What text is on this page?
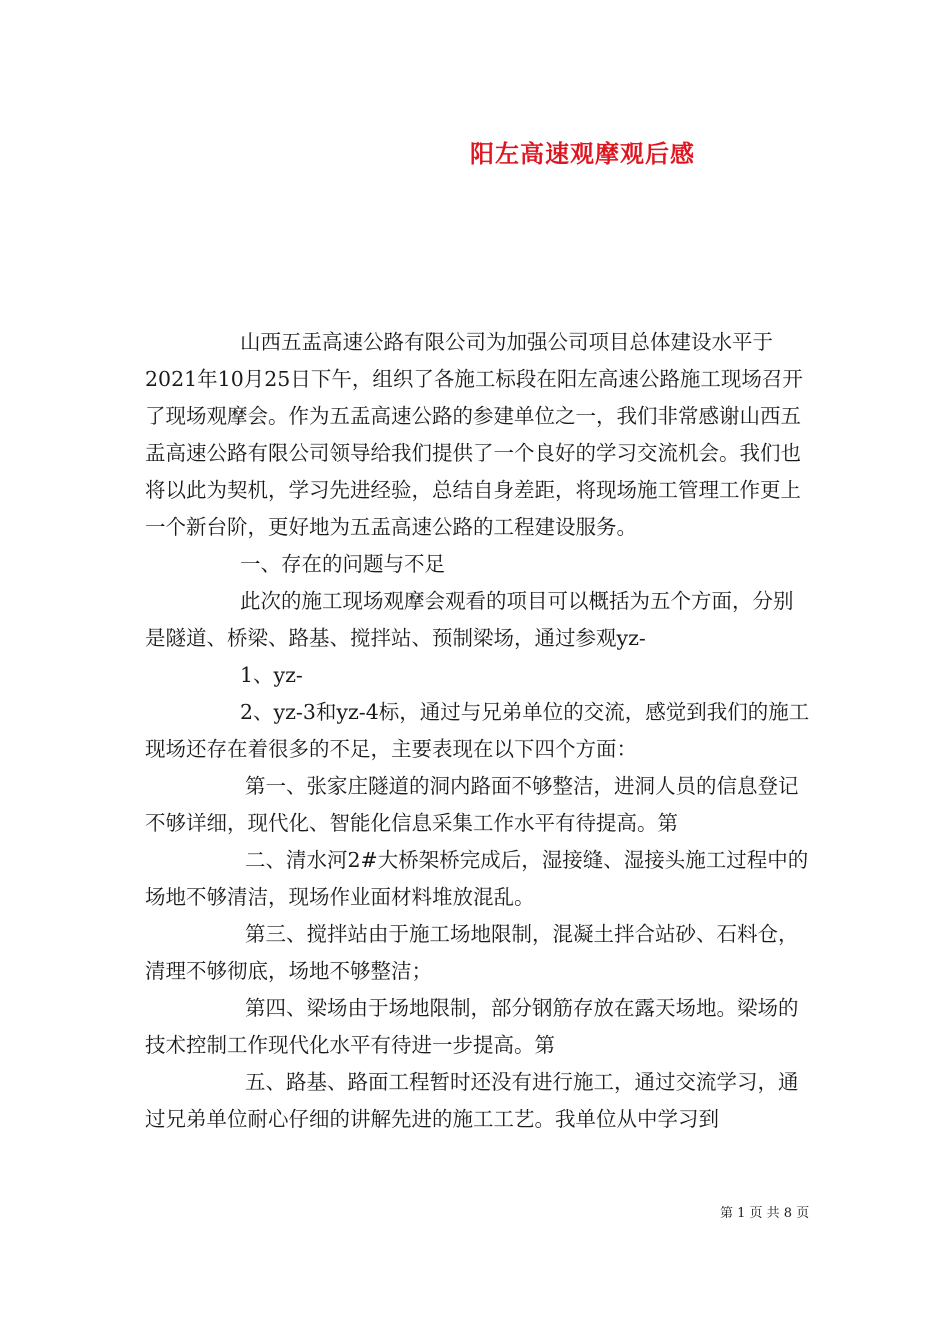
阳左高速观摩观后感

山西五盂高速公路有限公司为加强公司项目总体建设水平于2021年10月25日下午，组织了各施工标段在阳左高速公路施工现场召开了现场观摩会。作为五盂高速公路的参建单位之一，我们非常感谢山西五盂高速公路有限公司领导给我们提供了一个良好的学习交流机会。我们也将以此为契机，学习先进经验，总结自身差距，将现场施工管理工作更上一个新台阶，更好地为五盂高速公路的工程建设服务。

一、存在的问题与不足

此次的施工现场观摩会观看的项目可以概括为五个方面，分别是隧道、桥梁、路基、搅拌站、预制梁场，通过参观yz-

1、yz-

2、yz-3和yz-4标，通过与兄弟单位的交流，感觉到我们的施工现场还存在着很多的不足，主要表现在以下四个方面：

第一、张家庄隧道的洞内路面不够整洁，进洞人员的信息登记不够详细，现代化、智能化信息采集工作水平有待提高。第

二、清水河2#大桥架桥完成后，湿接缝、湿接头施工过程中的场地不够清洁，现场作业面材料堆放混乱。

第三、搅拌站由于施工场地限制，混凝土拌合站砂、石料仓，清理不够彻底，场地不够整洁；

第四、梁场由于场地限制，部分钢筋存放在露天场地。梁场的技术控制工作现代化水平有待进一步提高。第

五、路基、路面工程暂时还没有进行施工，通过交流学习，通过兄弟单位耐心仔细的讲解先进的施工工艺。我单位从中学习到

第 1 页 共 8 页
